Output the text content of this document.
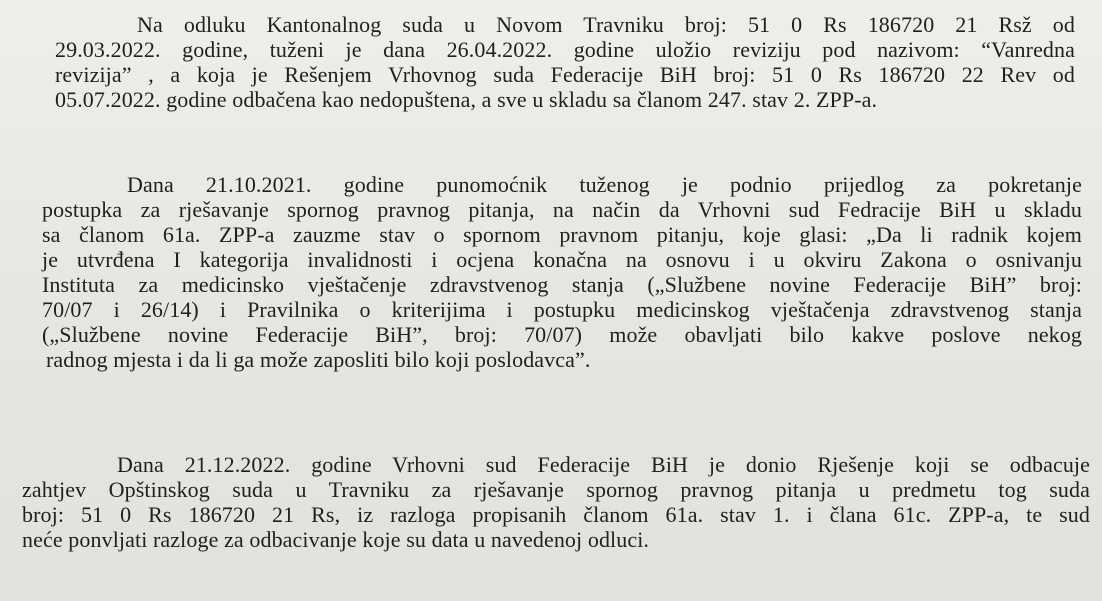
Na odluku Kantonalnog suda u Novom Travniku broj: 51 0 Rs 186720 21 Rsž od
29.03.2022. godine, tuženi je dana 26.04.2022. godine uložio reviziju pod nazivom: “Vanredna
revizija” , a koja je Rešenjem Vrhovnog suda Federacije BiH broj: 51 0 Rs 186720 22 Rev od
05.07.2022. godine odbačena kao nedopuštena, a sve u skladu sa članom 247. stav 2. ZPP-a.

Dana 21.10.2021. godine punomoćnik tuženog je podnio prijedlog za pokretanje
postupka za rješavanje spornog pravnog pitanja, na način da Vrhovni sud Fedracije BiH u skladu
sa članom 61a. ZPP-a zauzme stav o spornom pravnom pitanju, koje glasi: „Da li radnik kojem
je utvrđena I kategorija invalidnosti i ocjena konačna na osnovu i u okviru Zakona o osnivanju
Instituta za medicinsko vještačenje zdravstvenog stanja („Službene novine Federacije BiH” broj:
70/07 i 26/14) i Pravilnika o kriterijima i postupku medicinskog vještačenja zdravstvenog stanja
(„Službene novine Federacije BiH”, broj: 70/07) može obavljati bilo kakve poslove nekog
radnog mjesta i da li ga može zaposliti bilo koji poslodavca”.

Dana 21.12.2022. godine Vrhovni sud Federacije BiH je donio Rješenje koji se odbacuje
zahtjev Opštinskog suda u Travniku za rješavanje spornog pravnog pitanja u predmetu tog suda
broj: 51 0 Rs 186720 21 Rs, iz razloga propisanih članom 61a. stav 1. i člana 61c. ZPP-a, te sud
neće ponvljati razloge za odbacivanje koje su data u navedenoj odluci.
